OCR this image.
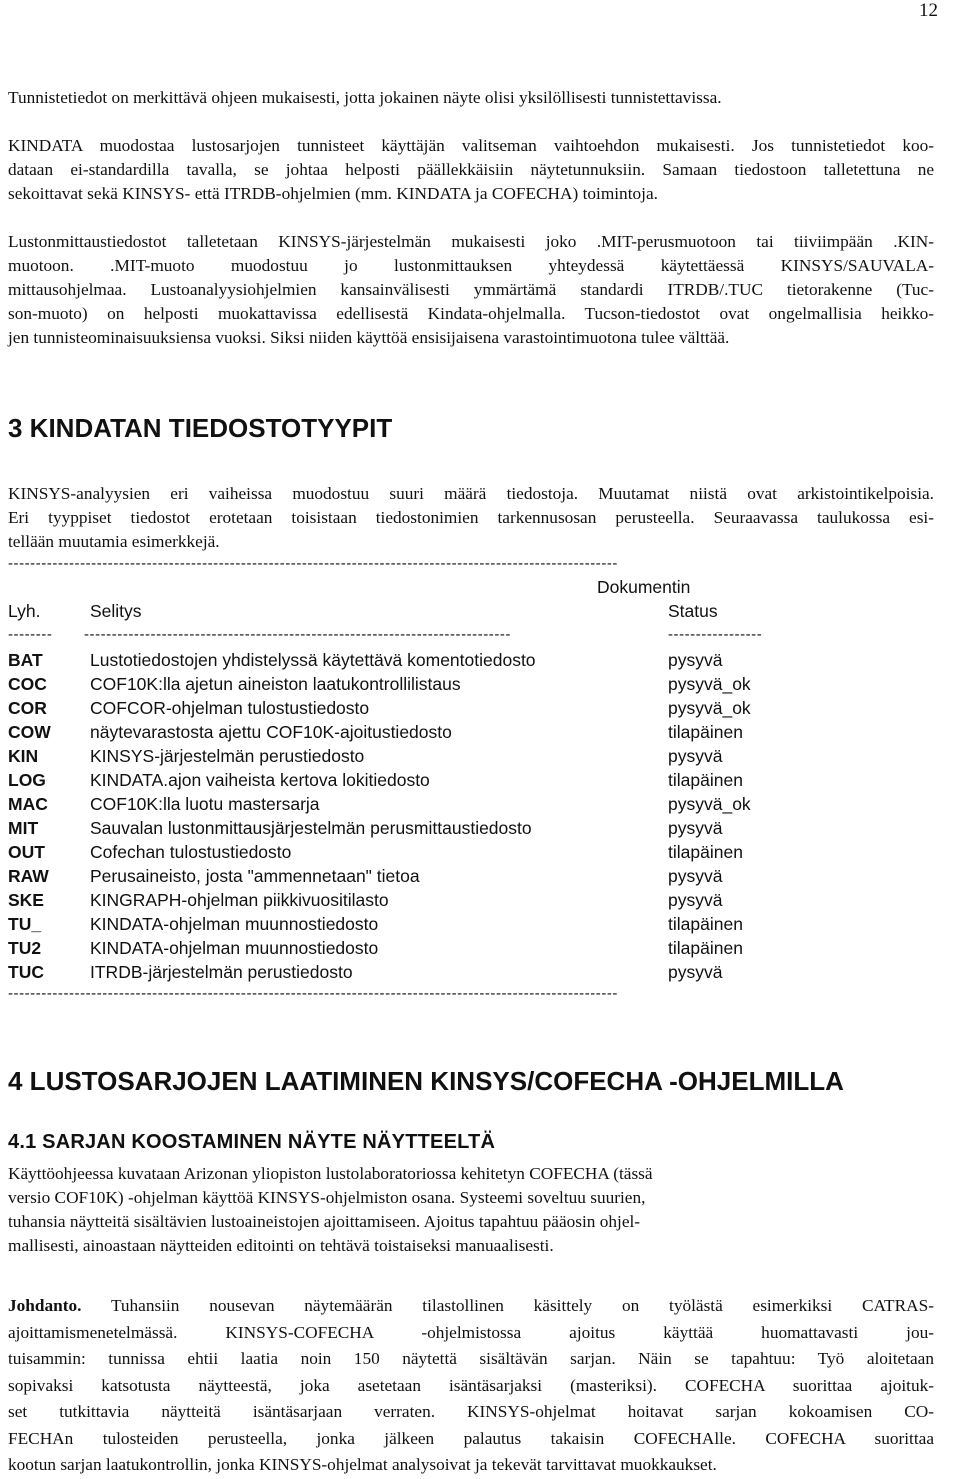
12

Tunnistetiedot on merkittävä ohjeen mukaisesti, jotta jokainen näyte olisi yksilöllisesti tunnistettavissa.

KINDATA muodostaa lustosarjojen tunnisteet käyttäjän valitseman vaihtoehdon mukaisesti. Jos tunnistetiedot koo-
dataan ei-standardilla tavalla, se johtaa helposti päällekkäisiin näytetunnuksiin. Samaan tiedostoon talletettuna ne
sekoittavat sekä KINSYS- että ITRDB-ohjelmien (mm. KINDATA ja COFECHA) toimintoja.

Lustonmittaustiedostot talletetaan KINSYS-järjestelmän mukaisesti joko .MIT-perusmuotoon tai tiiviimpään .KIN-
muotoon. .MIT-muoto muodostuu jo lustonmittauksen yhteydessä käytettäessä KINSYS/SAUVALA-
mittausohjelmaa. Lustoanalyysiohjelmien kansainvälisesti ymmärtämä standardi ITRDB/.TUC tietorakenne (Tuc-
son-muoto) on helposti muokattavissa edellisestä Kindata-ohjelmalla. Tucson-tiedostot ovat ongelmallisia heikko-
jen tunnisteominaisuuksiensa vuoksi. Siksi niiden käyttöä ensisijaisena varastointimuotona tulee välttää.

3 KINDATAN TIEDOSTOTYYPIT

KINSYS-analyysien eri vaiheissa muodostuu suuri määrä tiedostoja. Muutamat niistä ovat arkistointikelpoisia.
Eri tyyppiset tiedostot erotetaan toisistaan tiedostonimien tarkennusosan perusteella. Seuraavassa taulukossa esi-
tellään muutamia esimerkkejä.

--------------------------------------------------------------------------------------------------------------
Dokumentin
Lyh.	Selitys	Status
--------	-----------------------------------------------------------------------------	-----------------
BAT	Lustotiedostojen yhdistelyssä käytettävä komentotiedosto	pysyvä
COC COF10K:lla ajetun aineiston laatukontrollilistaus	pysyvä_ok
COR COFCOR-ohjelman tulostustiedosto	pysyvä_ok
COW näytevarastosta ajettu COF10K-ajoitustiedosto	tilapäinen
KIN	KINSYS-järjestelmän perustiedosto	pysyvä
LOG	KINDATA.ajon vaiheista kertova lokitiedosto	tilapäinen
MAC COF10K:lla luotu mastersarja	pysyvä_ok
MIT	Sauvalan lustonmittausjärjestelmän perusmittaustiedosto	pysyvä
OUT	Cofechan tulostustiedosto	tilapäinen
RAW Perusaineisto, josta "ammennetaan" tietoa	pysyvä
SKE	KINGRAPH-ohjelman piikkivuositilasto	pysyvä
TU_	KINDATA-ohjelman muunnostiedosto	tilapäinen
TU2	KINDATA-ohjelman muunnostiedosto	tilapäinen
TUC	ITRDB-järjestelmän perustiedosto	pysyvä
--------------------------------------------------------------------------------------------------------------
4 LUSTOSARJOJEN LAATIMINEN KINSYS/COFECHA -OHJELMILLA
4.1 SARJAN KOOSTAMINEN NÄYTE NÄYTTEELTÄ

Käyttöohjeessa kuvataan Arizonan yliopiston lustolaboratoriossa kehitetyn COFECHA (tässä
versio COF10K) -ohjelman käyttöä KINSYS-ohjelmiston osana. Systeemi soveltuu suurien,
tuhansia näytteitä sisältävien lustoaineistojen ajoittamiseen. Ajoitus tapahtuu pääosin ohjel-
mallisesti, ainoastaan näytteiden editointi on tehtävä toistaiseksi manuaalisesti.

Johdanto. Tuhansiin nousevan näytemäärän tilastollinen käsittely on työlästä esimerkiksi CATRAS-
ajoittamismenetelmässä. KINSYS-COFECHA -ohjelmistossa ajoitus käyttää huomattavasti jou-
tuisammin: tunnissa ehtii laatia noin 150 näytettä sisältävän sarjan. Näin se tapahtuu: Työ aloitetaan
sopivaksi katsotusta näytteestä, joka asetetaan isäntäsarjaksi (masteriksi). COFECHA suorittaa ajoituk-
set tutkittavia näytteitä isäntäsarjaan verraten. KINSYS-ohjelmat hoitavat sarjan kokoamisen CO-
FECHAn tulosteiden perusteella, jonka jälkeen palautus takaisin COFECHAlle. COFECHA suorittaa
kootun sarjan laatukontrollin, jonka KINSYS-ohjelmat analysoivat ja tekevät tarvittavat muokkaukset.
